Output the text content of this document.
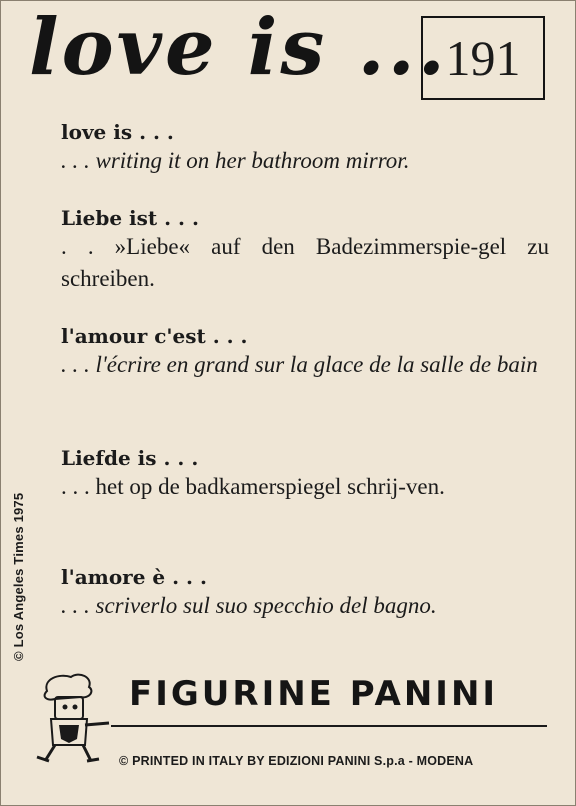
love is ...
191
love is . . .
. . . writing it on her bathroom mirror.
Liebe ist . . .
. . »Liebe« auf den Badezimmerspie-gel zu schreiben.
l'amour c'est . . .
. . . l'écrire en grand sur la glace de la salle de bain
Liefde is . . .
. . . het op de badkamerspiegel schrij-ven.
l'amore è . . .
. . . scriverlo sul suo specchio del bagno.
© Los Angeles Times 1975
FIGURINE PANINI
© PRINTED IN ITALY BY EDIZIONI PANINI S.p.a - MODENA
